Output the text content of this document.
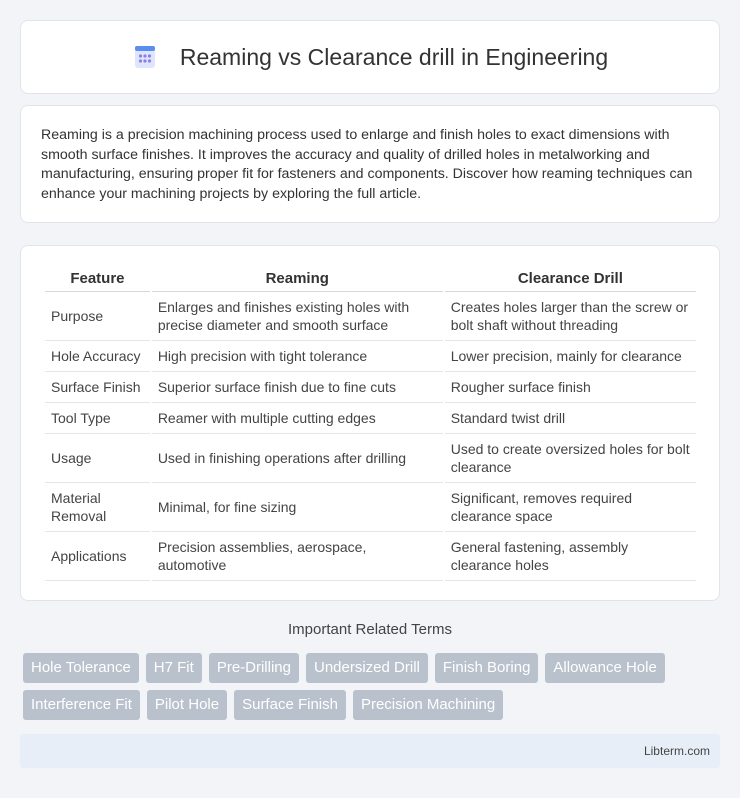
Reaming vs Clearance drill in Engineering

Reaming is a precision machining process used to enlarge and finish holes to exact dimensions with smooth surface finishes. It improves the accuracy and quality of drilled holes in metalworking and manufacturing, ensuring proper fit for fasteners and components. Discover how reaming techniques can enhance your machining projects by exploring the full article.

Feature	Reaming	Clearance Drill
Purpose	Enlarges and finishes existing holes with precise diameter and smooth surface	Creates holes larger than the screw or bolt shaft without threading
Hole Accuracy	High precision with tight tolerance	Lower precision, mainly for clearance
Surface Finish	Superior surface finish due to fine cuts	Rougher surface finish
Tool Type	Reamer with multiple cutting edges	Standard twist drill
Usage	Used in finishing operations after drilling	Used to create oversized holes for bolt clearance
Material Removal	Minimal, for fine sizing	Significant, removes required clearance space
Applications	Precision assemblies, aerospace, automotive	General fastening, assembly clearance holes
Important Related Terms
Hole Tolerance	H7 Fit	Pre-Drilling	Undersized Drill	Finish Boring	Allowance Hole
Interference Fit	Pilot Hole	Surface Finish	Precision Machining
Libterm.com
